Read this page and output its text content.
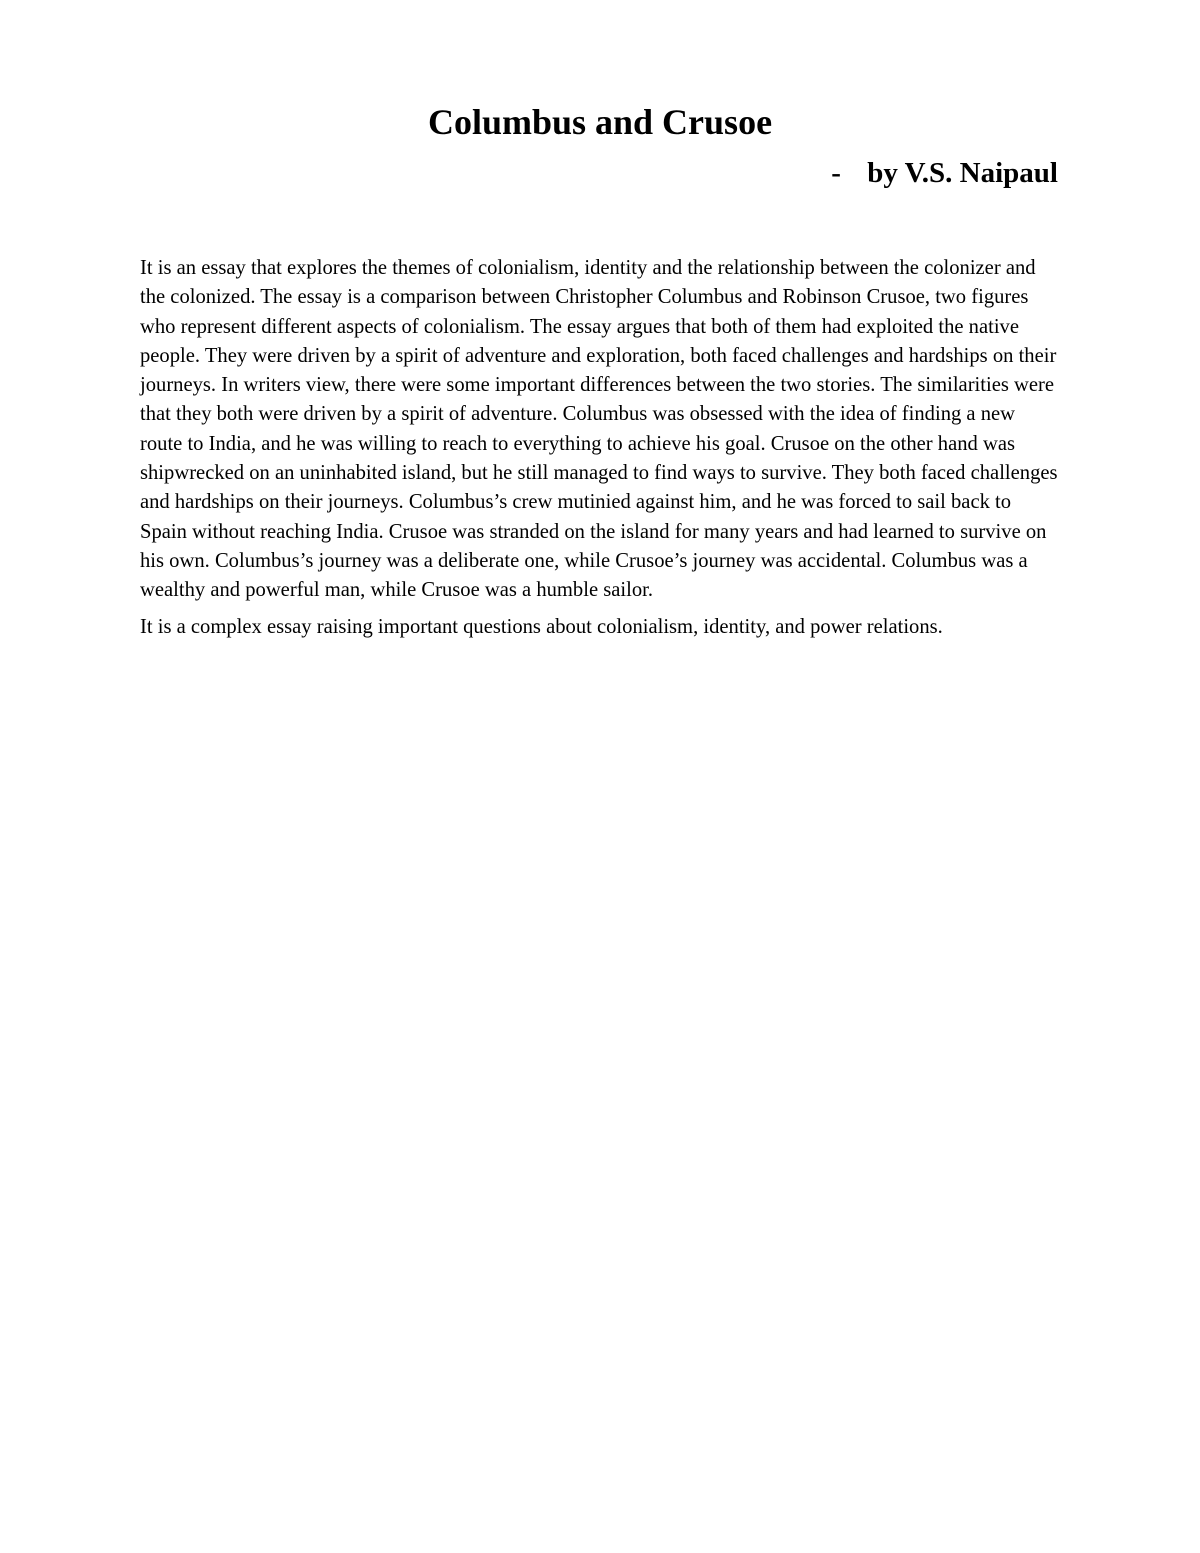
Columbus and Crusoe
- by V.S. Naipaul

It is an essay that explores the themes of colonialism, identity and the relationship between the colonizer and the colonized. The essay is a comparison between Christopher Columbus and Robinson Crusoe, two figures who represent different aspects of colonialism. The essay argues that both of them had exploited the native people. They were driven by a spirit of adventure and exploration, both faced challenges and hardships on their journeys. In writers view, there were some important differences between the two stories. The similarities were that they both were driven by a spirit of adventure. Columbus was obsessed with the idea of finding a new route to India, and he was willing to reach to everything to achieve his goal. Crusoe on the other hand was shipwrecked on an uninhabited island, but he still managed to find ways to survive. They both faced challenges and hardships on their journeys. Columbus’s crew mutinied against him, and he was forced to sail back to Spain without reaching India. Crusoe was stranded on the island for many years and had learned to survive on his own. Columbus’s journey was a deliberate one, while Crusoe’s journey was accidental. Columbus was a wealthy and powerful man, while Crusoe was a humble sailor.

It is a complex essay raising important questions about colonialism, identity, and power relations.
